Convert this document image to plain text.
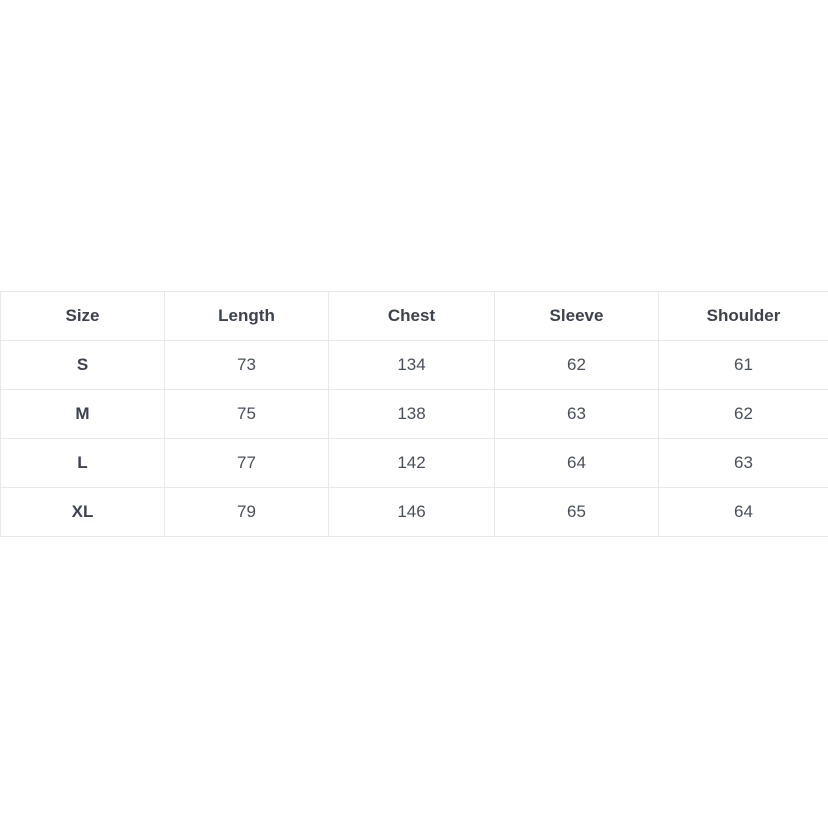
Size	Length	Chest	Sleeve	Shoulder
S	73	134	62	61
M	75	138	63	62
L	77	142	64	63
XL	79	146	65	64
